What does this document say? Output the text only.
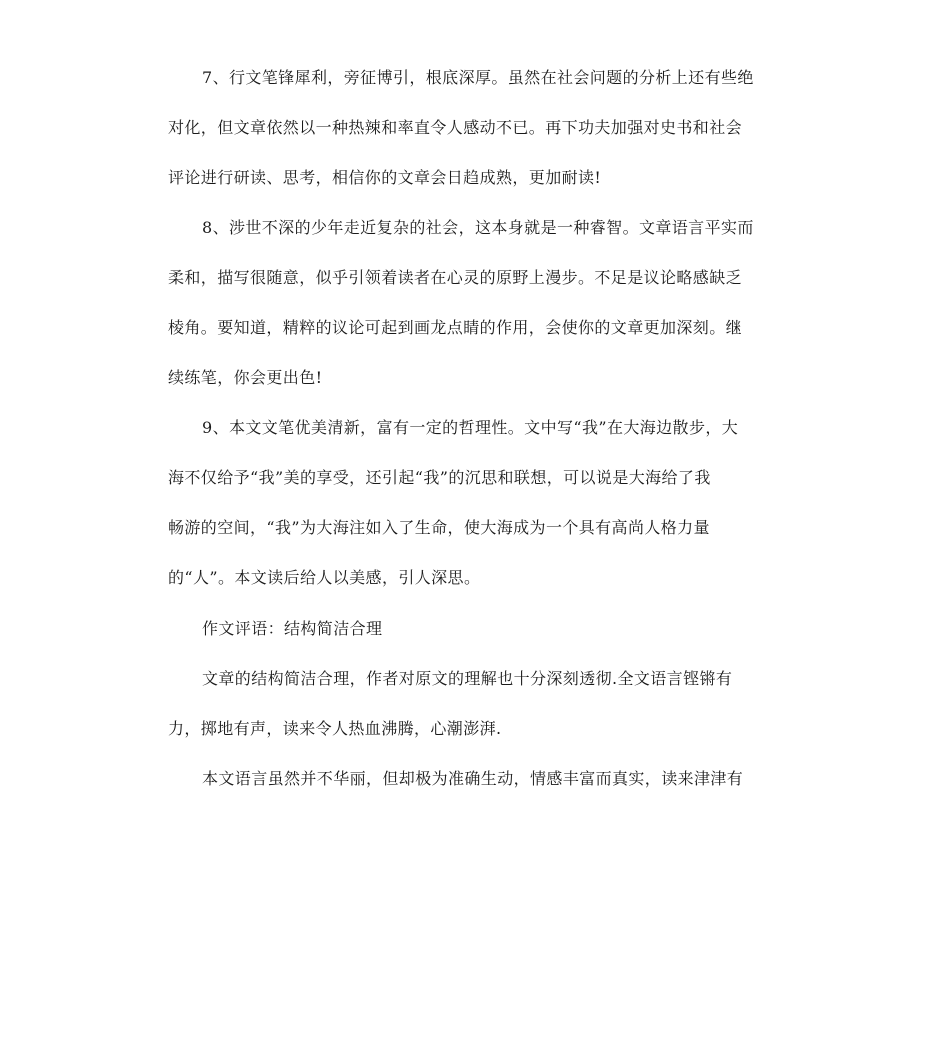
7、行文笔锋犀利，旁征博引，根底深厚。虽然在社会问题的分析上还有些绝
对化，但文章依然以一种热辣和率直令人感动不已。再下功夫加强对史书和社会
评论进行研读、思考，相信你的文章会日趋成熟，更加耐读!
8、涉世不深的少年走近复杂的社会，这本身就是一种睿智。文章语言平实而
柔和，描写很随意，似乎引领着读者在心灵的原野上漫步。不足是议论略感缺乏
棱角。要知道，精粹的议论可起到画龙点睛的作用，会使你的文章更加深刻。继
续练笔，你会更出色!
9、本文文笔优美清新，富有一定的哲理性。文中写“我”在大海边散步，大
海不仅给予“我”美的享受，还引起“我”的沉思和联想，可以说是大海给了我
畅游的空间，“我”为大海注如入了生命，使大海成为一个具有高尚人格力量
的“人”。本文读后给人以美感，引人深思。
作文评语：结构简洁合理
文章的结构简洁合理，作者对原文的理解也十分深刻透彻.全文语言铿锵有
力，掷地有声，读来令人热血沸腾，心潮澎湃.
本文语言虽然并不华丽，但却极为准确生动，情感丰富而真实，读来津津有
